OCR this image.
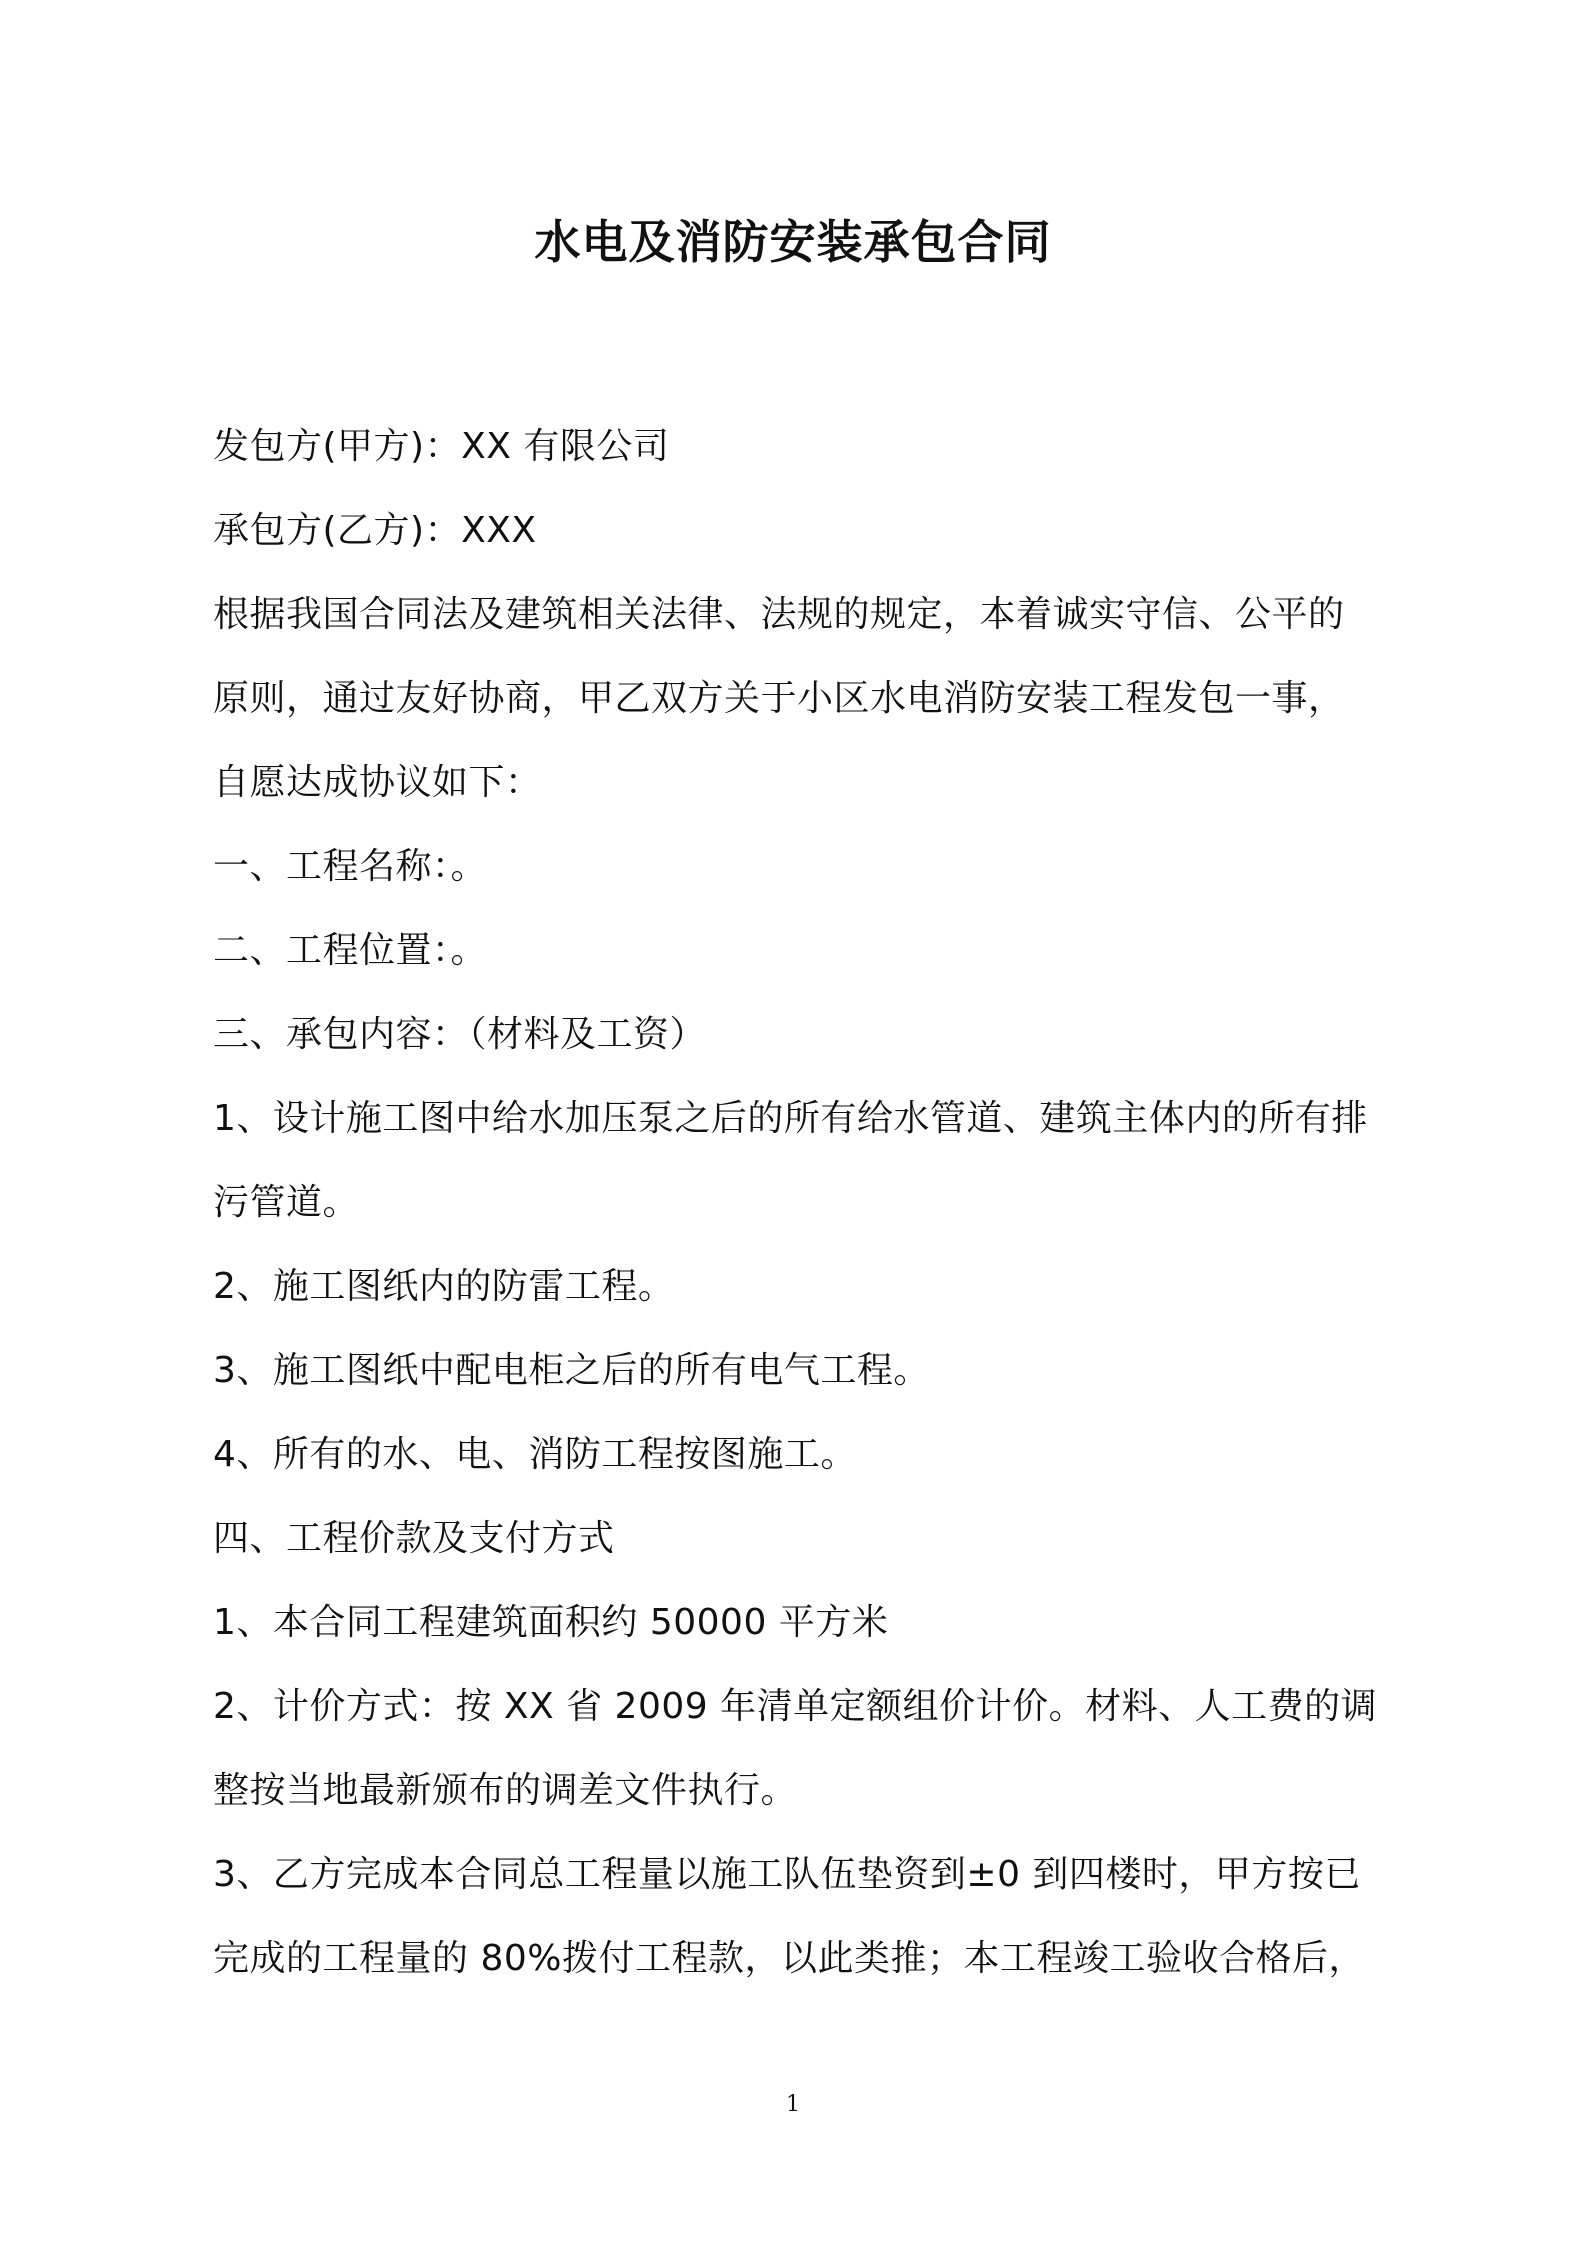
水电及消防安装承包合同
发包方(甲方)：XX 有限公司
承包方(乙方)：XXX
根据我国合同法及建筑相关法律、法规的规定，本着诚实守信、公平的
原则，通过友好协商，甲乙双方关于小区水电消防安装工程发包一事，
自愿达成协议如下：
一、工程名称：。
二、工程位置：。
三、承包内容：（材料及工资）
1、设计施工图中给水加压泵之后的所有给水管道、建筑主体内的所有排
污管道。
2、施工图纸内的防雷工程。
3、施工图纸中配电柜之后的所有电气工程。
4、所有的水、电、消防工程按图施工。
四、工程价款及支付方式
1、本合同工程建筑面积约 50000 平方米
2、计价方式：按 XX 省 2009 年清单定额组价计价。材料、人工费的调
整按当地最新颁布的调差文件执行。
3、乙方完成本合同总工程量以施工队伍垫资到±0 到四楼时，甲方按已
完成的工程量的 80%拨付工程款，以此类推；本工程竣工验收合格后，
1
